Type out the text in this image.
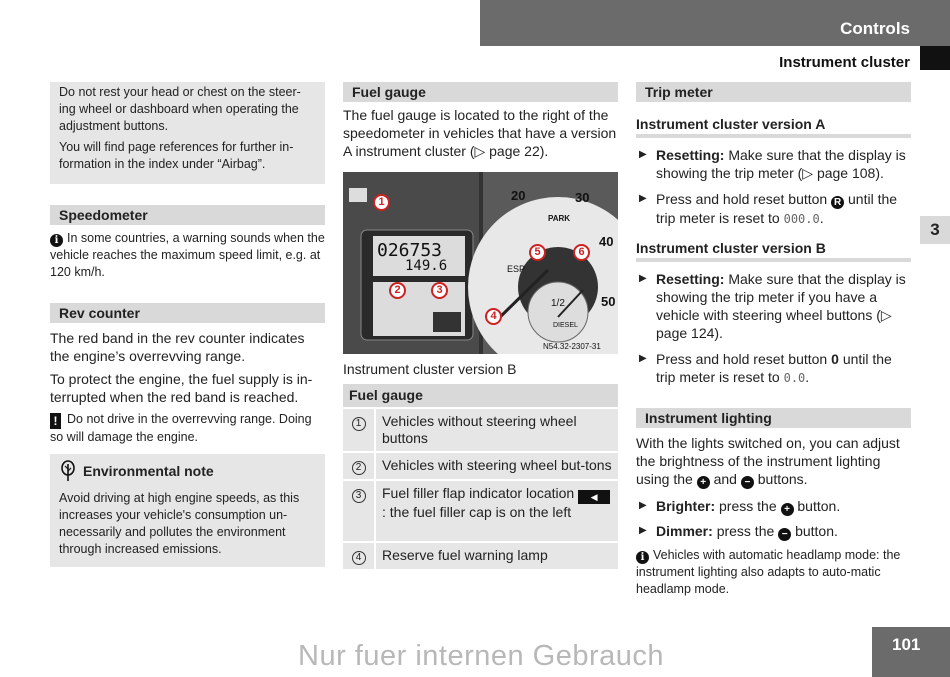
Controls
Instrument cluster
3

Do not rest your head or chest on the steer-ing wheel or dashboard when operating the adjustment buttons.

You will find page references for further in-formation in the index under “Airbag”.

Speedometer
i In some countries, a warning sounds when the vehicle reaches the maximum speed limit, e.g. at 120 km/h.
Rev counter

The red band in the rev counter indicates the engine’s overrevving range.

To protect the engine, the fuel supply is in-terrupted when the red band is reached.

! Do not drive in the overrevving range. Doing so will damage the engine.
Environmental note

Avoid driving at high engine speeds, as this increases your vehicle's consumption un-necessarily and pollutes the environment through increased emissions.

Fuel gauge

The fuel gauge is located to the right of the speedometer in vehicles that have a version A instrument cluster (▷ page 22).

026753
149.6
20	30
40
50
PARK
ESP
1/2
DIESEL
N54.32-2307-31
1
2	3
4
5	6

Instrument cluster version B

Fuel gauge	
1	Vehicles without steering wheel buttons
2	Vehicles with steering wheel but-tons
3	Fuel filler flap indicator location ◀: the fuel filler cap is on the left
4	Reserve fuel warning lamp
Trip meter
Instrument cluster version A
▶ Resetting: Make sure that the display is showing the trip meter (▷ page 108).
▶ Press and hold reset button R until the trip meter is reset to 000.0.
Instrument cluster version B
▶ Resetting: Make sure that the display is showing the trip meter if you have a vehicle with steering wheel buttons (▷ page 124).
▶ Press and hold reset button 0 until the trip meter is reset to 0.0.
Instrument lighting

With the lights switched on, you can adjust the brightness of the instrument lighting using the + and − buttons.

▶ Brighter: press the + button.
▶ Dimmer: press the − button.
i Vehicles with automatic headlamp mode: the instrument lighting also adapts to auto-matic headlamp mode.
101
Nur fuer internen Gebrauch
